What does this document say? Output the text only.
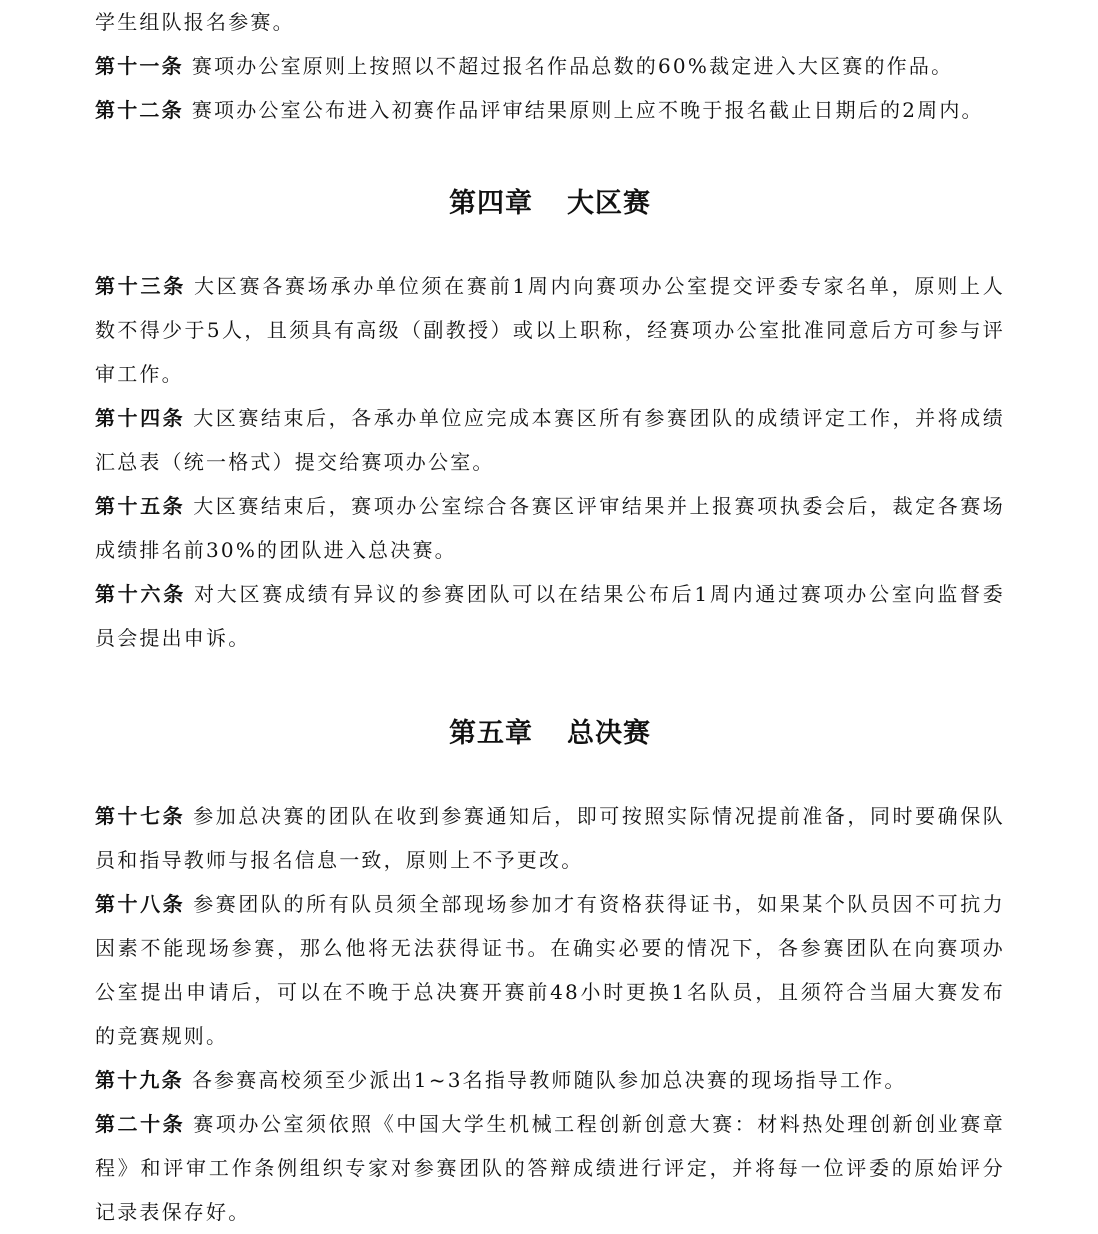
学生组队报名参赛。

第十一条 赛项办公室原则上按照以不超过报名作品总数的60%裁定进入大区赛的作品。

第十二条 赛项办公室公布进入初赛作品评审结果原则上应不晚于报名截止日期后的2周内。

第四章 大区赛

第十三条 大区赛各赛场承办单位须在赛前1周内向赛项办公室提交评委专家名单，原则上人数不得少于5人，且须具有高级（副教授）或以上职称，经赛项办公室批准同意后方可参与评审工作。

第十四条 大区赛结束后，各承办单位应完成本赛区所有参赛团队的成绩评定工作，并将成绩汇总表（统一格式）提交给赛项办公室。

第十五条 大区赛结束后，赛项办公室综合各赛区评审结果并上报赛项执委会后，裁定各赛场成绩排名前30%的团队进入总决赛。

第十六条 对大区赛成绩有异议的参赛团队可以在结果公布后1周内通过赛项办公室向监督委员会提出申诉。

第五章 总决赛

第十七条 参加总决赛的团队在收到参赛通知后，即可按照实际情况提前准备，同时要确保队员和指导教师与报名信息一致，原则上不予更改。

第十八条 参赛团队的所有队员须全部现场参加才有资格获得证书，如果某个队员因不可抗力因素不能现场参赛，那么他将无法获得证书。在确实必要的情况下，各参赛团队在向赛项办公室提出申请后，可以在不晚于总决赛开赛前48小时更换1名队员，且须符合当届大赛发布的竞赛规则。

第十九条 各参赛高校须至少派出1~3名指导教师随队参加总决赛的现场指导工作。

第二十条 赛项办公室须依照《中国大学生机械工程创新创意大赛：材料热处理创新创业赛章程》和评审工作条例组织专家对参赛团队的答辩成绩进行评定，并将每一位评委的原始评分记录表保存好。
